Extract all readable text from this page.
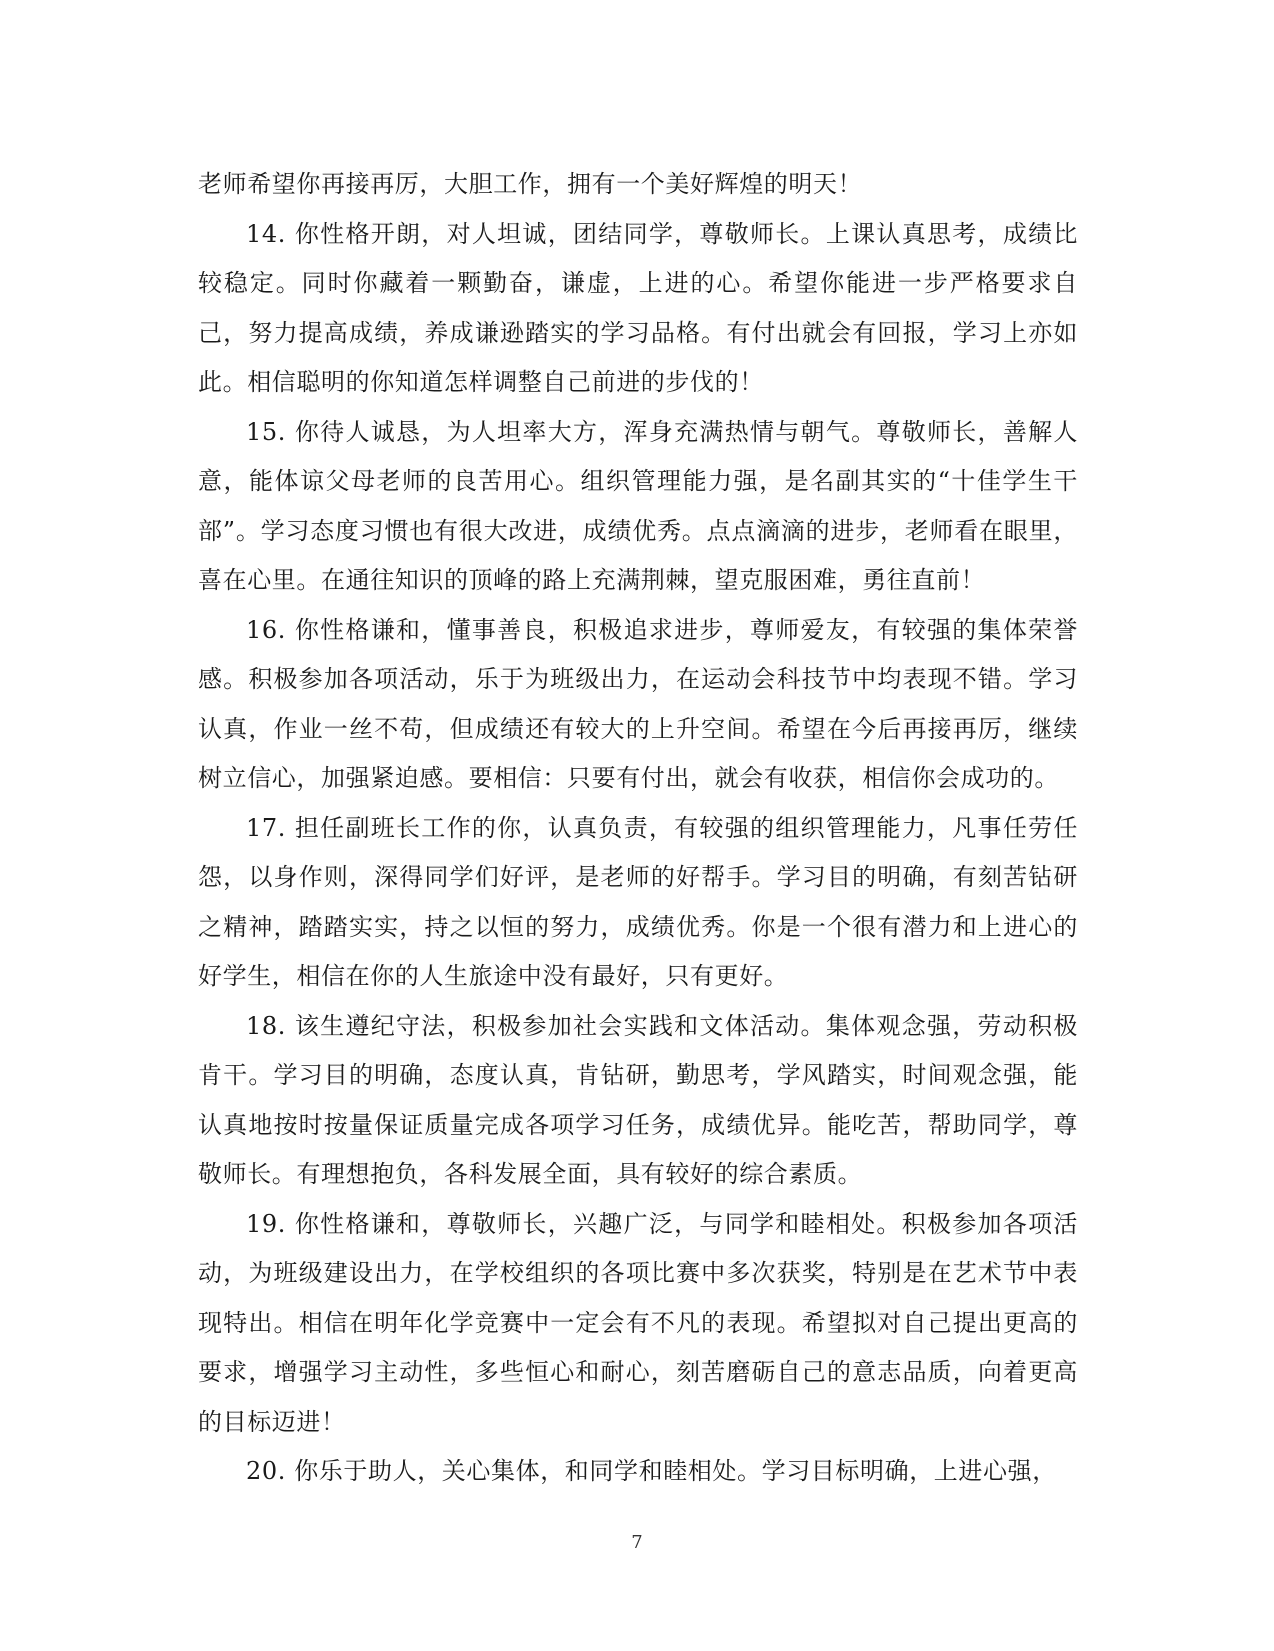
老师希望你再接再厉，大胆工作，拥有一个美好辉煌的明天！

14. 你性格开朗，对人坦诚，团结同学，尊敬师长。上课认真思考，成绩比较稳定。同时你藏着一颗勤奋，谦虚，上进的心。希望你能进一步严格要求自己，努力提高成绩，养成谦逊踏实的学习品格。有付出就会有回报，学习上亦如此。相信聪明的你知道怎样调整自己前进的步伐的！

15. 你待人诚恳，为人坦率大方，浑身充满热情与朝气。尊敬师长，善解人意，能体谅父母老师的良苦用心。组织管理能力强，是名副其实的“十佳学生干部”。学习态度习惯也有很大改进，成绩优秀。点点滴滴的进步，老师看在眼里，喜在心里。在通往知识的顶峰的路上充满荆棘，望克服困难，勇往直前！

16. 你性格谦和，懂事善良，积极追求进步，尊师爱友，有较强的集体荣誉感。积极参加各项活动，乐于为班级出力，在运动会科技节中均表现不错。学习认真，作业一丝不苟，但成绩还有较大的上升空间。希望在今后再接再厉，继续树立信心，加强紧迫感。要相信：只要有付出，就会有收获，相信你会成功的。

17. 担任副班长工作的你，认真负责，有较强的组织管理能力，凡事任劳任怨，以身作则，深得同学们好评，是老师的好帮手。学习目的明确，有刻苦钻研之精神，踏踏实实，持之以恒的努力，成绩优秀。你是一个很有潜力和上进心的好学生，相信在你的人生旅途中没有最好，只有更好。

18. 该生遵纪守法，积极参加社会实践和文体活动。集体观念强，劳动积极肯干。学习目的明确，态度认真，肯钻研，勤思考，学风踏实，时间观念强，能认真地按时按量保证质量完成各项学习任务，成绩优异。能吃苦，帮助同学，尊敬师长。有理想抱负，各科发展全面，具有较好的综合素质。

19. 你性格谦和，尊敬师长，兴趣广泛，与同学和睦相处。积极参加各项活动，为班级建设出力，在学校组织的各项比赛中多次获奖，特别是在艺术节中表现特出。相信在明年化学竞赛中一定会有不凡的表现。希望拟对自己提出更高的要求，增强学习主动性，多些恒心和耐心，刻苦磨砺自己的意志品质，向着更高的目标迈进！

20. 你乐于助人，关心集体，和同学和睦相处。学习目标明确，上进心强，

7
